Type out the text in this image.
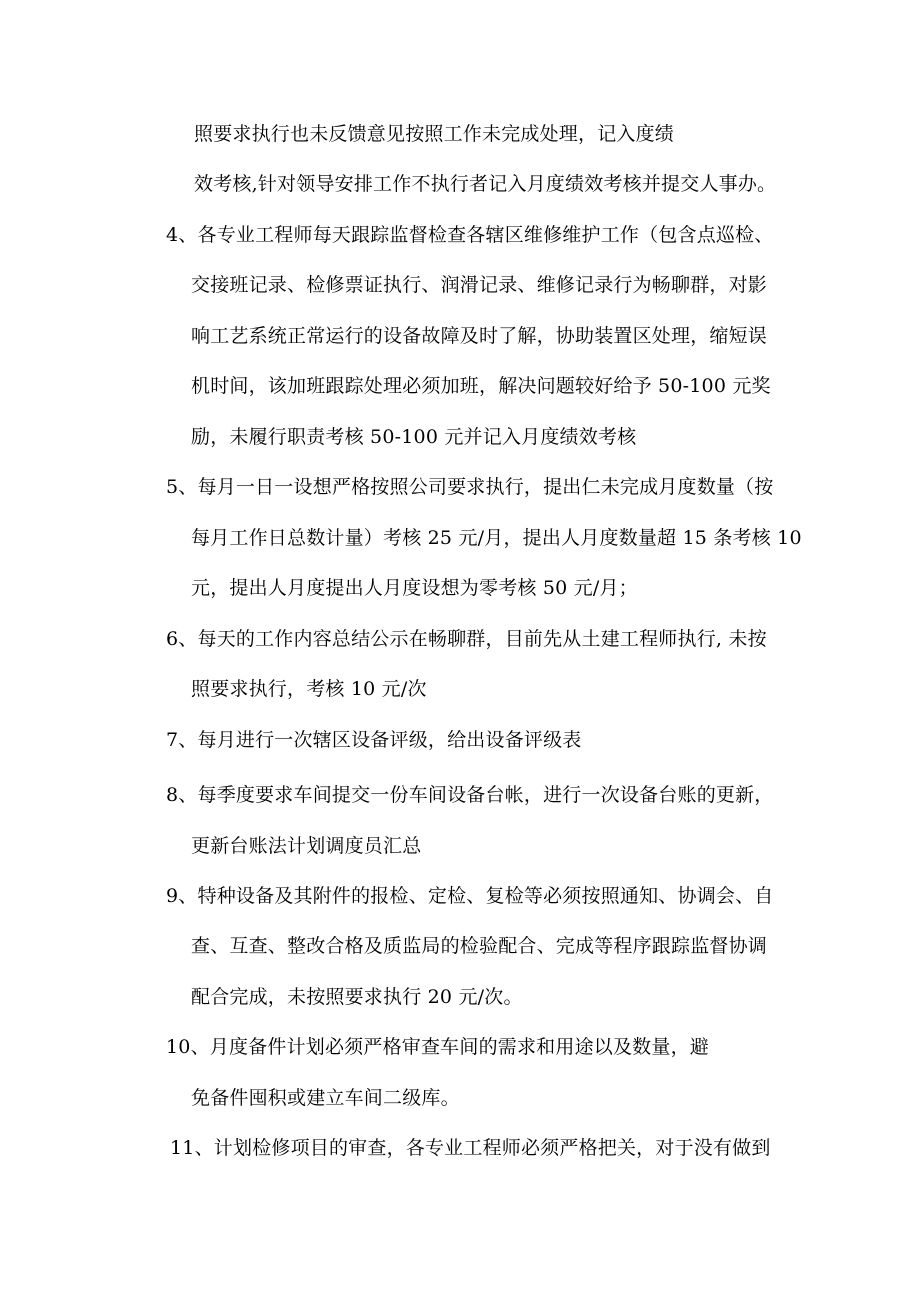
照要求执行也未反馈意见按照工作未完成处理，记入度绩
效考核,针对领导安排工作不执行者记入月度绩效考核并提交人事办。
4、各专业工程师每天跟踪监督检查各辖区维修维护工作（包含点巡检、
交接班记录、检修票证执行、润滑记录、维修记录行为畅聊群，对影
响工艺系统正常运行的设备故障及时了解，协助装置区处理，缩短误
机时间，该加班跟踪处理必须加班，解决问题较好给予 50-100 元奖
励，未履行职责考核 50-100 元并记入月度绩效考核
5、每月一日一设想严格按照公司要求执行，提出仁未完成月度数量（按
每月工作日总数计量）考核 25 元/月，提出人月度数量超 15 条考核 10
元，提出人月度提出人月度设想为零考核 50 元/月；
6、每天的工作内容总结公示在畅聊群，目前先从土建工程师执行, 未按
照要求执行，考核 10 元/次
7、每月进行一次辖区设备评级，给出设备评级表
8、每季度要求车间提交一份车间设备台帐，进行一次设备台账的更新，
更新台账法计划调度员汇总
9、特种设备及其附件的报检、定检、复检等必须按照通知、协调会、自
查、互查、整改合格及质监局的检验配合、完成等程序跟踪监督协调
配合完成，未按照要求执行 20 元/次。
10、月度备件计划必须严格审查车间的需求和用途以及数量，避
免备件囤积或建立车间二级库。
11、计划检修项目的审查，各专业工程师必须严格把关，对于没有做到
